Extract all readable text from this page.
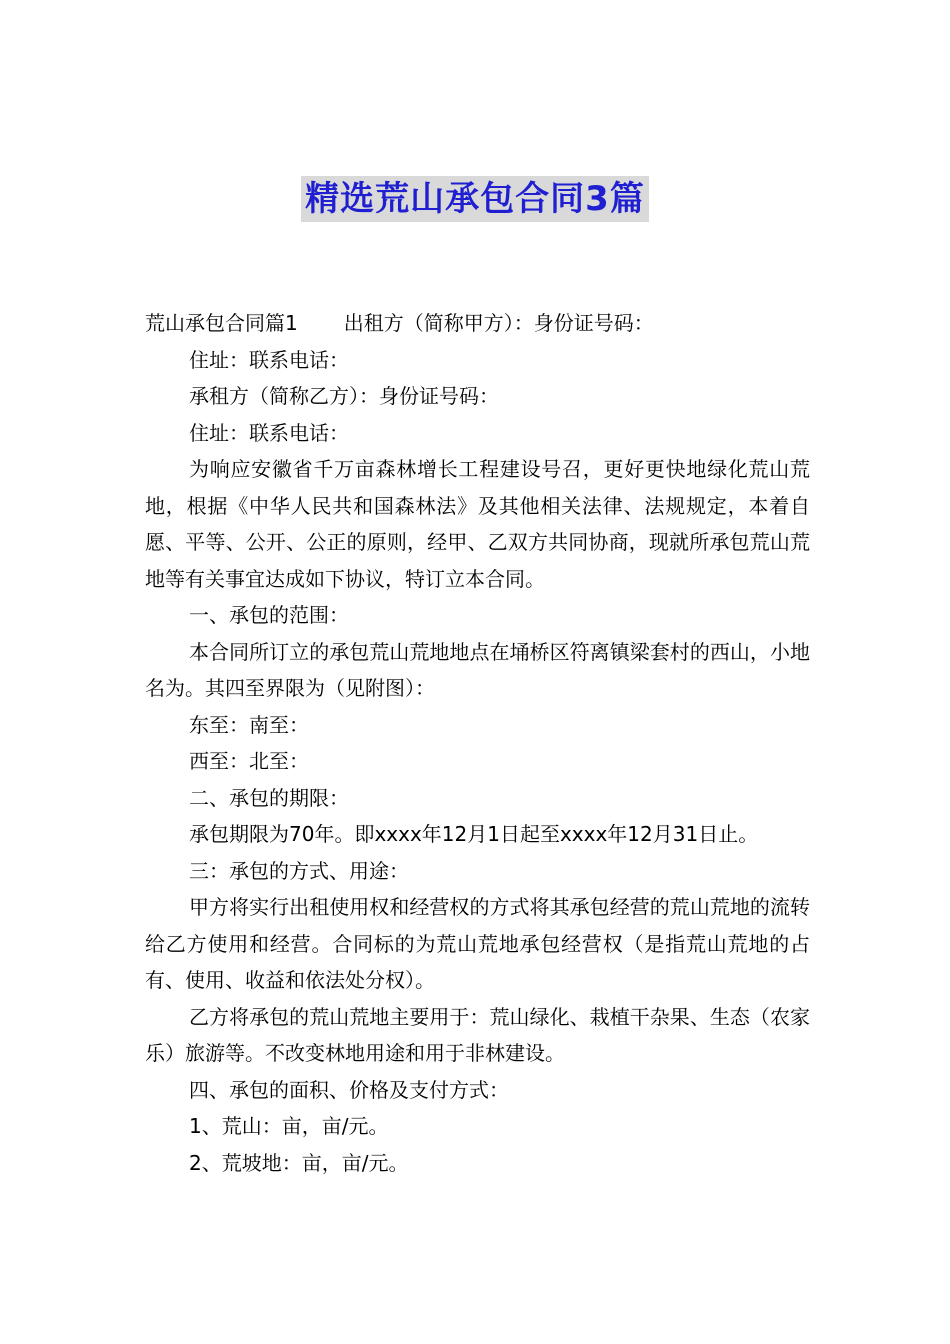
精选荒山承包合同3篇

荒山承包合同篇1 出租方（简称甲方）：身份证号码：

住址：联系电话：

承租方（简称乙方）：身份证号码：

住址：联系电话：

为响应安徽省千万亩森林增长工程建设号召，更好更快地绿化荒山荒地，根据《中华人民共和国森林法》及其他相关法律、法规规定，本着自愿、平等、公开、公正的原则，经甲、乙双方共同协商，现就所承包荒山荒地等有关事宜达成如下协议，特订立本合同。

一、承包的范围：

本合同所订立的承包荒山荒地地点在埇桥区符离镇梁套村的西山，小地名为。其四至界限为（见附图）：

东至：南至：

西至：北至：

二、承包的期限：

承包期限为70年。即xxxx年12月1日起至xxxx年12月31日止。

三：承包的方式、用途：

甲方将实行出租使用权和经营权的方式将其承包经营的荒山荒地的流转给乙方使用和经营。合同标的为荒山荒地承包经营权（是指荒山荒地的占有、使用、收益和依法处分权）。

乙方将承包的荒山荒地主要用于：荒山绿化、栽植干杂果、生态（农家乐）旅游等。不改变林地用途和用于非林建设。

四、承包的面积、价格及支付方式：

1、荒山：亩，亩/元。

2、荒坡地：亩，亩/元。
